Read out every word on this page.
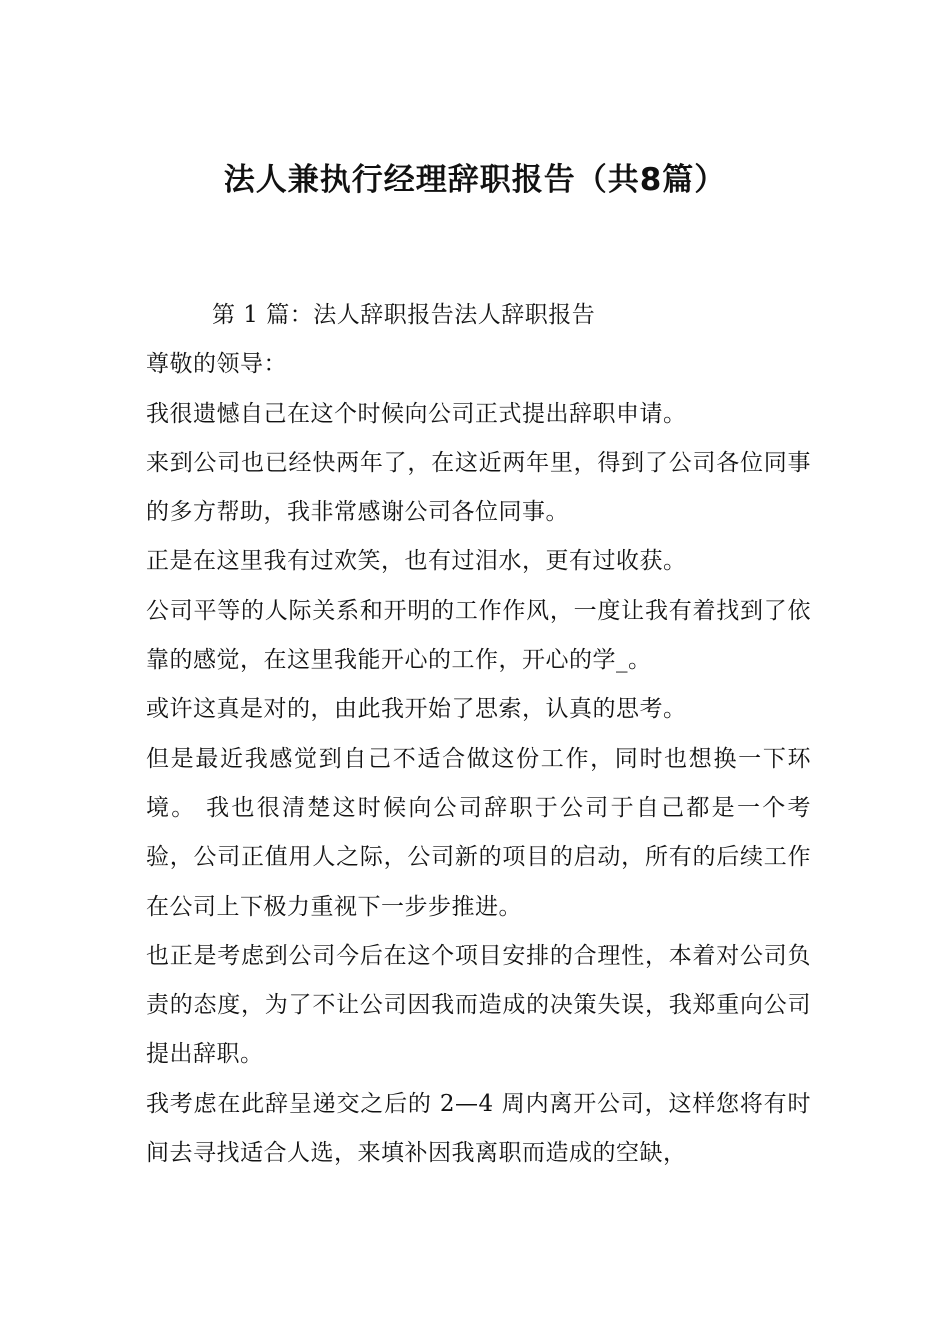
法人兼执行经理辞职报告（共8篇）

第 1 篇：法人辞职报告法人辞职报告

尊敬的领导：

我很遗憾自己在这个时候向公司正式提出辞职申请。

来到公司也已经快两年了，在这近两年里，得到了公司各位同事的多方帮助，我非常感谢公司各位同事。

正是在这里我有过欢笑，也有过泪水，更有过收获。

公司平等的人际关系和开明的工作作风，一度让我有着找到了依靠的感觉，在这里我能开心的工作，开心的学_。

或许这真是对的，由此我开始了思索，认真的思考。

但是最近我感觉到自己不适合做这份工作，同时也想换一下环境。 我也很清楚这时候向公司辞职于公司于自己都是一个考验，公司正值用人之际，公司新的项目的启动，所有的后续工作在公司上下极力重视下一步步推进。

也正是考虑到公司今后在这个项目安排的合理性，本着对公司负责的态度，为了不让公司因我而造成的决策失误，我郑重向公司提出辞职。

我考虑在此辞呈递交之后的 2—4 周内离开公司，这样您将有时间去寻找适合人选，来填补因我离职而造成的空缺，
